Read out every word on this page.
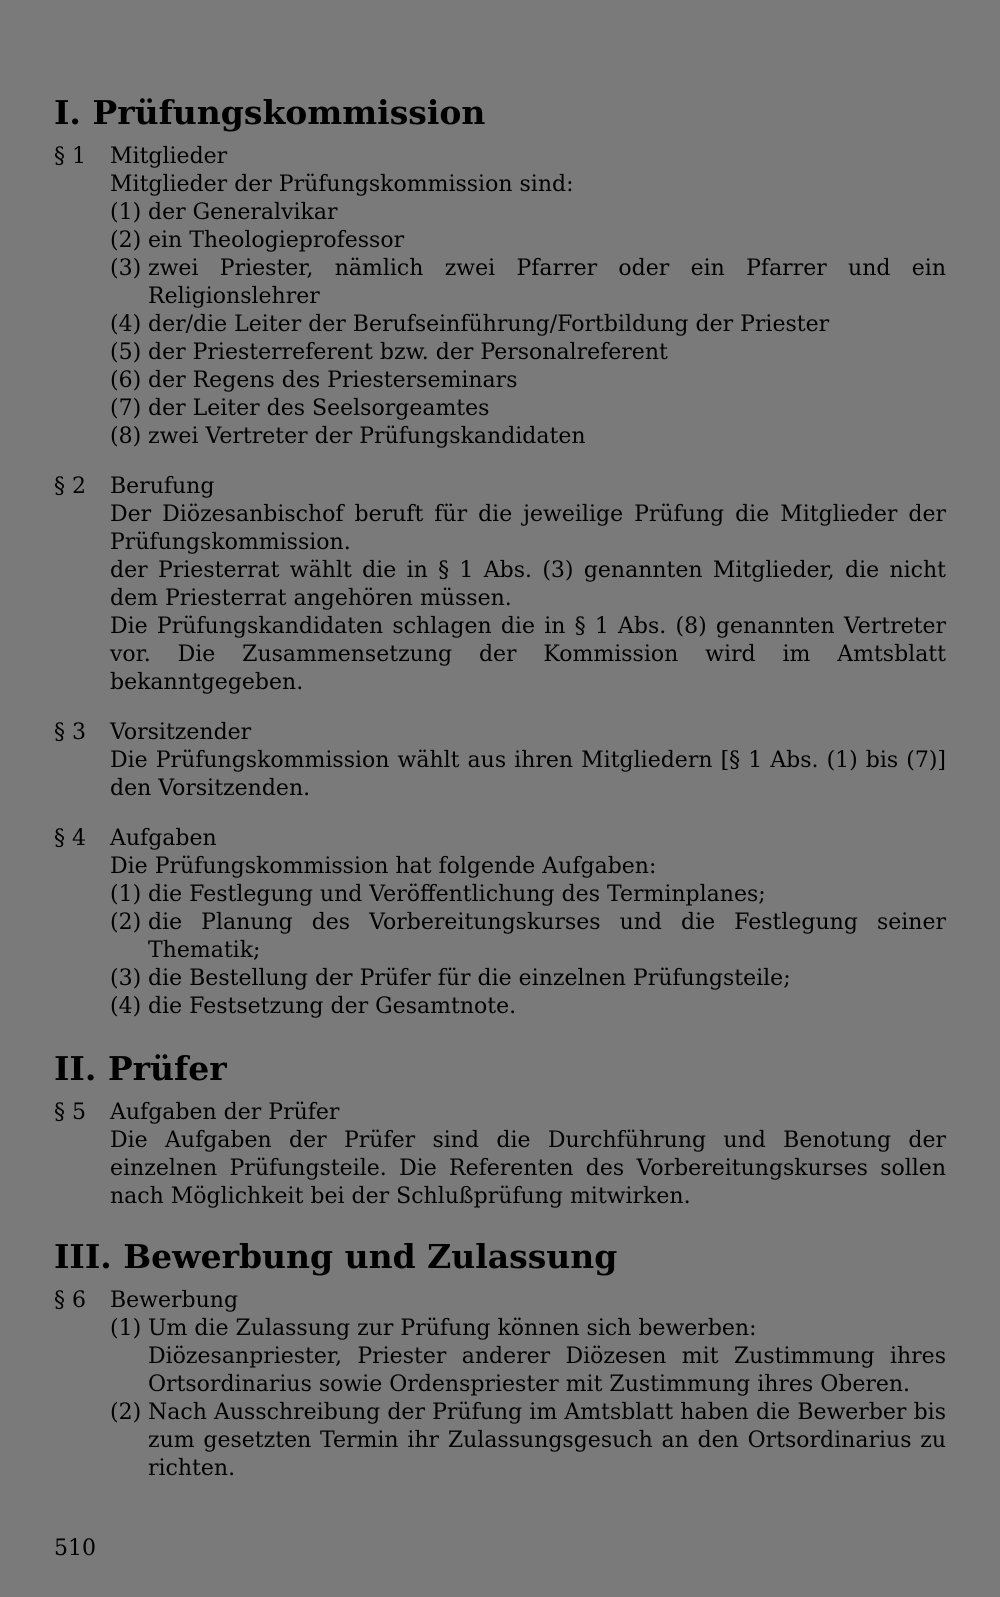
I. Prüfungskommission
§ 1	Mitglieder

Mitglieder der Prüfungskommission sind:

(1) der Generalvikar
(2) ein Theologieprofessor
(3) zwei Priester, nämlich zwei Pfarrer oder ein Pfarrer und ein Religionslehrer
(4) der/die Leiter der Berufseinführung/Fortbildung der Priester
(5) der Priesterreferent bzw. der Personalreferent
(6) der Regens des Priesterseminars
(7) der Leiter des Seelsorgeamtes
(8) zwei Vertreter der Prüfungskandidaten
§ 2	Berufung

Der Diözesanbischof beruft für die jeweilige Prüfung die Mitglieder der Prüfungskommission.

der Priesterrat wählt die in § 1 Abs. (3) genannten Mitglieder, die nicht dem Priesterrat angehören müssen.

Die Prüfungskandidaten schlagen die in § 1 Abs. (8) genannten Vertreter vor. Die Zusammensetzung der Kommission wird im Amtsblatt bekanntgegeben.

§ 3	Vorsitzender

Die Prüfungskommission wählt aus ihren Mitgliedern [§ 1 Abs. (1) bis (7)] den Vorsitzenden.

§ 4	Aufgaben

Die Prüfungskommission hat folgende Aufgaben:

(1) die Festlegung und Veröffentlichung des Terminplanes;
(2) die Planung des Vorbereitungskurses und die Festlegung seiner Thematik;
(3) die Bestellung der Prüfer für die einzelnen Prüfungsteile;
(4) die Festsetzung der Gesamtnote.
II. Prüfer
§ 5	Aufgaben der Prüfer

Die Aufgaben der Prüfer sind die Durchführung und Benotung der einzelnen Prüfungsteile. Die Referenten des Vorbereitungskurses sollen nach Möglichkeit bei der Schlußprüfung mitwirken.

III. Bewerbung und Zulassung
§ 6	Bewerbung
(1) Um die Zulassung zur Prüfung können sich bewerben:
Diözesanpriester, Priester anderer Diözesen mit Zustimmung ihres Ortsordinarius sowie Ordenspriester mit Zustimmung ihres Oberen.
(2) Nach Ausschreibung der Prüfung im Amtsblatt haben die Bewerber bis zum gesetzten Termin ihr Zulassungsgesuch an den Ortsordinarius zu richten.
510
